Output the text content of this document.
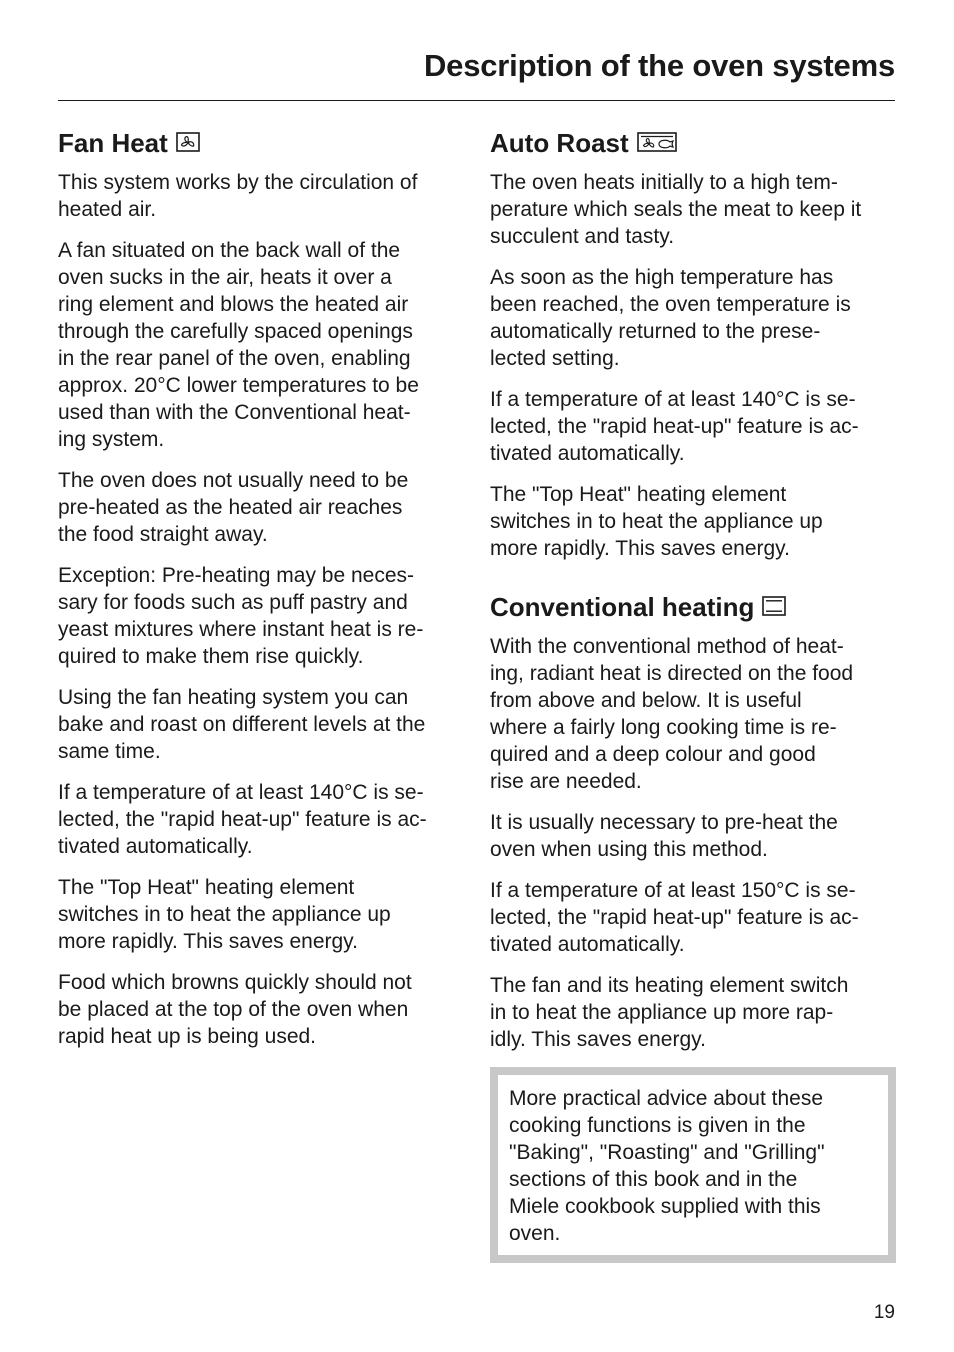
Description of the oven systems
Fan Heat

This system works by the circulation of
heated air.

A fan situated on the back wall of the
oven sucks in the air, heats it over a
ring element and blows the heated air
through the carefully spaced openings
in the rear panel of the oven, enabling
approx. 20°C lower temperatures to be
used than with the Conventional heat-
ing system.

The oven does not usually need to be
pre-heated as the heated air reaches
the food straight away.

Exception: Pre-heating may be neces-
sary for foods such as puff pastry and
yeast mixtures where instant heat is re-
quired to make them rise quickly.

Using the fan heating system you can
bake and roast on different levels at the
same time.

If a temperature of at least 140°C is se-
lected, the "rapid heat-up" feature is ac-
tivated automatically.

The "Top Heat" heating element
switches in to heat the appliance up
more rapidly. This saves energy.

Food which browns quickly should not
be placed at the top of the oven when
rapid heat up is being used.

Auto Roast

The oven heats initially to a high tem-
perature which seals the meat to keep it
succulent and tasty.

As soon as the high temperature has
been reached, the oven temperature is
automatically returned to the prese-
lected setting.

If a temperature of at least 140°C is se-
lected, the "rapid heat-up" feature is ac-
tivated automatically.

The "Top Heat" heating element
switches in to heat the appliance up
more rapidly. This saves energy.

Conventional heating

With the conventional method of heat-
ing, radiant heat is directed on the food
from above and below. It is useful
where a fairly long cooking time is re-
quired and a deep colour and good
rise are needed.

It is usually necessary to pre-heat the
oven when using this method.

If a temperature of at least 150°C is se-
lected, the "rapid heat-up" feature is ac-
tivated automatically.

The fan and its heating element switch
in to heat the appliance up more rap-
idly. This saves energy.

More practical advice about these
cooking functions is given in the
"Baking", "Roasting" and "Grilling"
sections of this book and in the
Miele cookbook supplied with this
oven.

19
